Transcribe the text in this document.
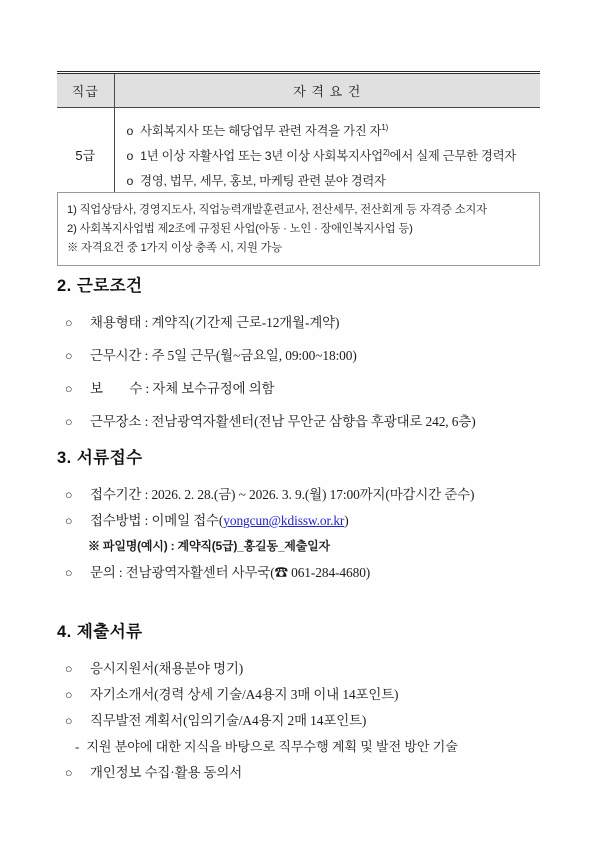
직급	자 격 요 건
5급	o 사회복지사 또는 해당업무 관련 자격을 가진 자$^{1)}$
o 1년 이상 자활사업 또는 3년 이상 사회복지사업$^{2)}$에서 실제 근무한 경력자
o 경영, 법무, 세무, 홍보, 마케팅 관련 분야 경력자
1) 직업상담사, 경영지도사, 직업능력개발훈련교사, 전산세무, 전산회계 등 자격증 소지자
2) 사회복지사업법 제2조에 규정된 사업(아동 · 노인 · 장애인복지사업 등)
※ 자격요건 중 1가지 이상 충족 시, 지원 가능
2. 근로조건
○	채용형태 : 계약직(기간제 근로-12개월-계약)
○	근무시간 : 주 5일 근무(월~금요일, 09:00~18:00)
○	보　　수 : 자체 보수규정에 의함
○	근무장소 : 전남광역자활센터(전남 무안군 삼향읍 후광대로 242, 6층)
3. 서류접수
○	접수기간 : 2026. 2. 28.(금) ~ 2026. 3. 9.(월) 17:00까지(마감시간 준수)
○	접수방법 : 이메일 접수(yongcun@kdissw.or.kr)
※ 파일명(예시) : 계약직(5급)_홍길동_제출일자
○	문의 : 전남광역자활센터 사무국(☎ 061-284-4680)
4. 제출서류
○	응시지원서(채용분야 명기)
○	자기소개서(경력 상세 기술/A4용지 3매 이내 14포인트)
○	직무발전 계획서(임의기술/A4용지 2매 14포인트)
- 지원 분야에 대한 지식을 바탕으로 직무수행 계획 및 발전 방안 기술
○	개인정보 수집·활용 동의서
